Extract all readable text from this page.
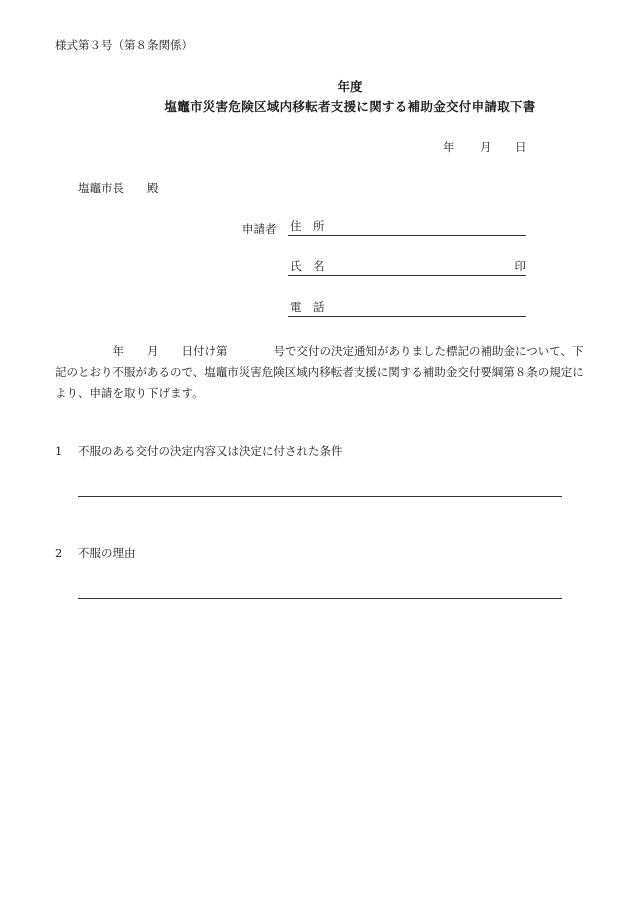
様式第３号（第８条関係）
年度
塩竈市災害危険区域内移転者支援に関する補助金交付申請取下書
年 月 日
塩竈市長　　殿
申請者 住　所
氏　名	印
電　話
　　　　　年　　月　　日付け第　　　　号で交付の決定通知がありました標記の補助金について、下記のとおり不服があるので、塩竈市災害危険区域内移転者支援に関する補助金交付要綱第８条の規定により、申請を取り下げます。
1 不服のある交付の決定内容又は決定に付された条件
2 不服の理由
